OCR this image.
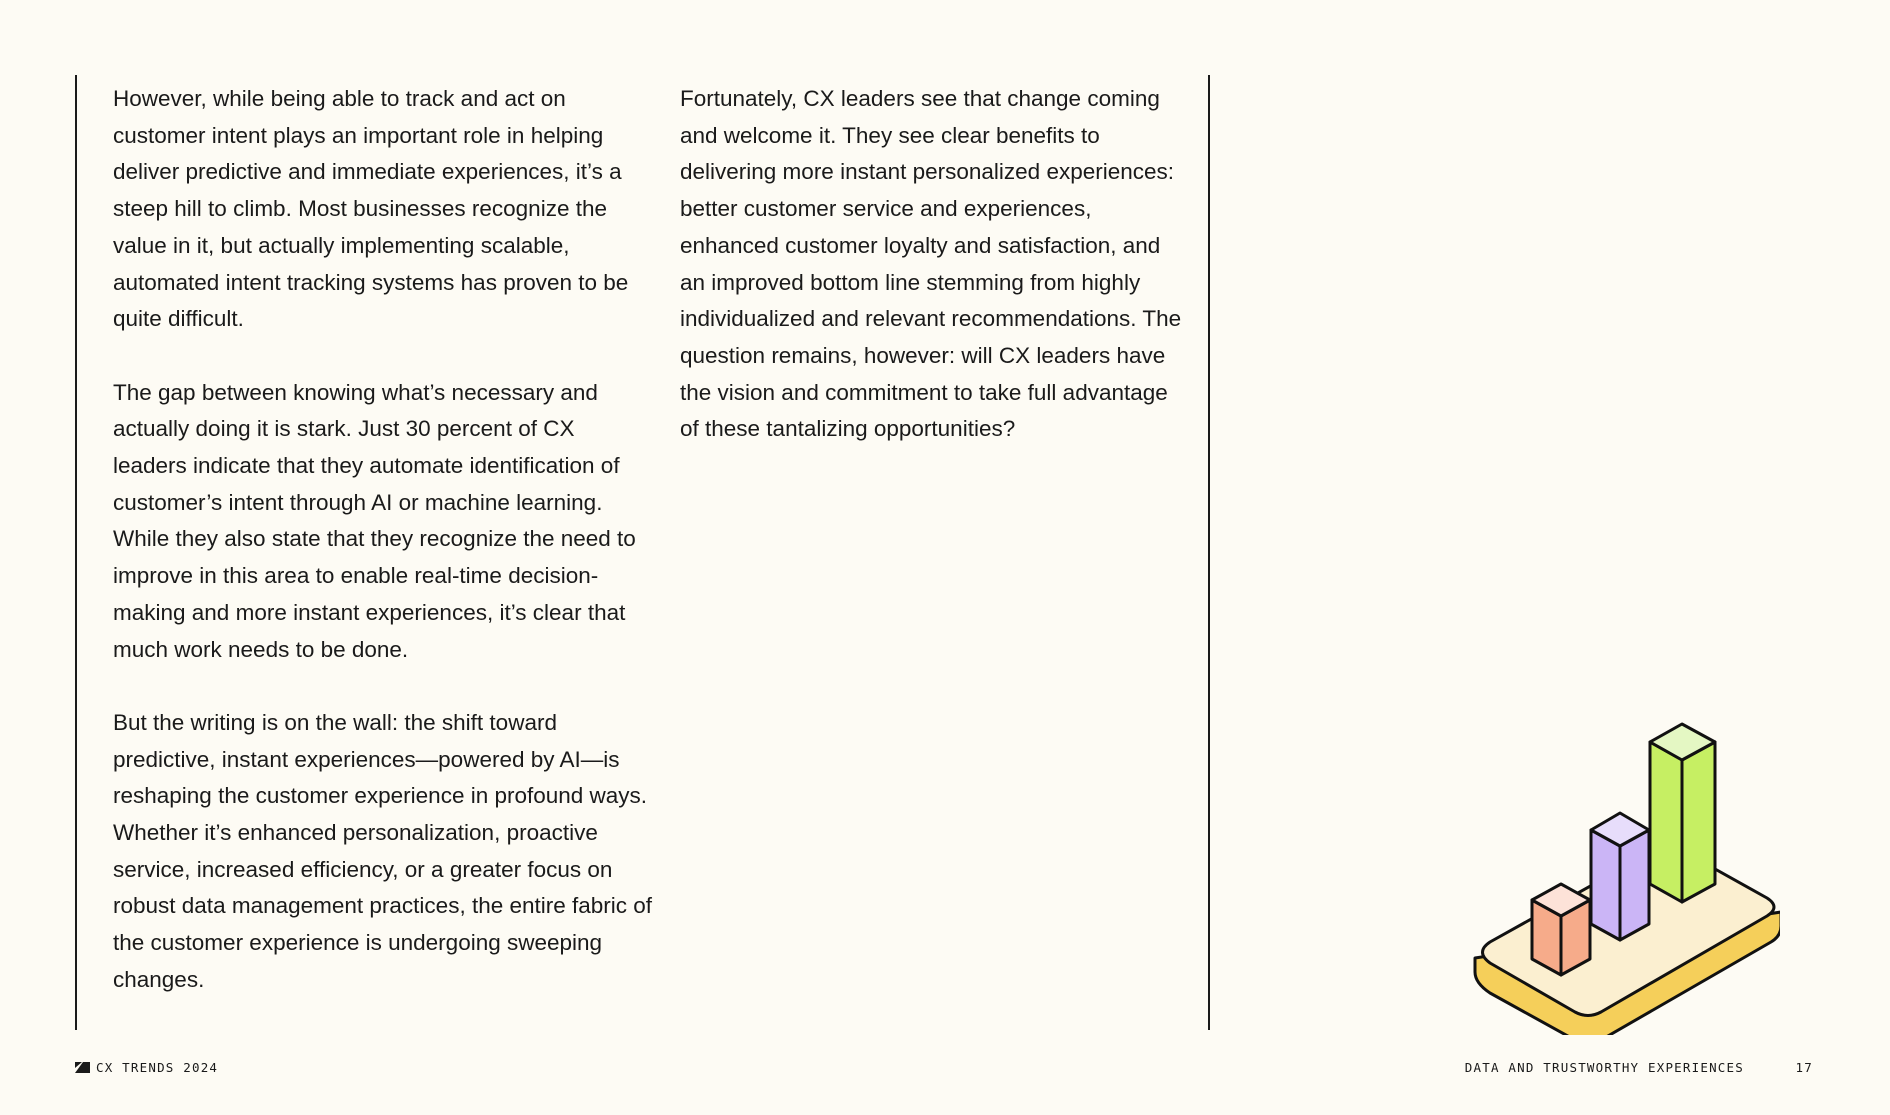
However, while being able to track and act on customer intent plays an important role in helping deliver predictive and immediate experiences, it’s a steep hill to climb. Most businesses recognize the value in it, but actually implementing scalable, automated intent tracking systems has proven to be quite difficult.

The gap between knowing what’s necessary and actually doing it is stark. Just 30 percent of CX leaders indicate that they automate identification of customer’s intent through AI or machine learning. While they also state that they recognize the need to improve in this area to enable real-time decision-making and more instant experiences, it’s clear that much work needs to be done.

But the writing is on the wall: the shift toward predictive, instant experiences—powered by AI—is reshaping the customer experience in profound ways. Whether it’s enhanced personalization, proactive service, increased efficiency, or a greater focus on robust data management practices, the entire fabric of the customer experience is undergoing sweeping changes.

Fortunately, CX leaders see that change coming and welcome it. They see clear benefits to delivering more instant personalized experiences: better customer service and experiences, enhanced customer loyalty and satisfaction, and an improved bottom line stemming from highly individualized and relevant recommendations. The question remains, however: will CX leaders have the vision and commitment to take full advantage of these tantalizing opportunities?

CX TRENDS 2024	DATA AND TRUSTWORTHY EXPERIENCES	17
